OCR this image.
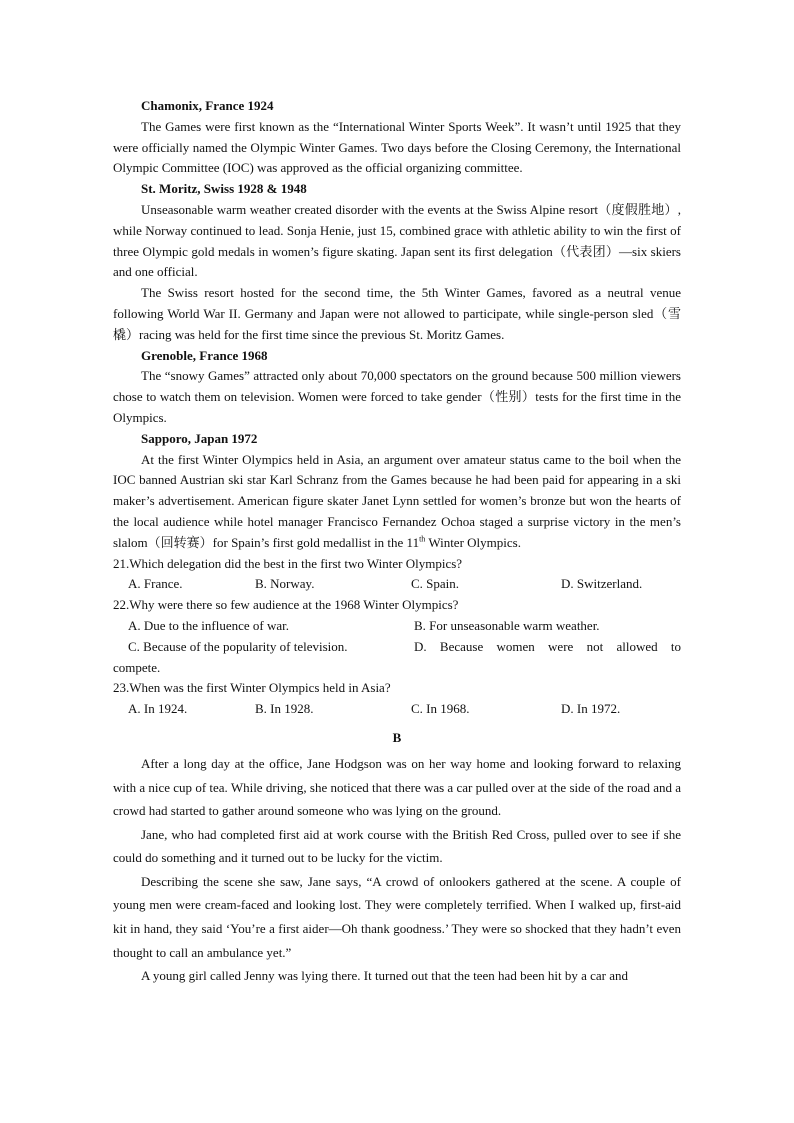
Chamonix, France 1924

The Games were first known as the “International Winter Sports Week”. It wasn’t until 1925 that they were officially named the Olympic Winter Games. Two days before the Closing Ceremony, the International Olympic Committee (IOC) was approved as the official organizing committee.

St. Moritz, Swiss 1928 & 1948

Unseasonable warm weather created disorder with the events at the Swiss Alpine resort（度假胜地）, while Norway continued to lead. Sonja Henie, just 15, combined grace with athletic ability to win the first of three Olympic gold medals in women’s figure skating. Japan sent its first delegation（代表团）—six skiers and one official.

The Swiss resort hosted for the second time, the 5th Winter Games, favored as a neutral venue following World War II. Germany and Japan were not allowed to participate, while single-person sled（雪橇）racing was held for the first time since the previous St. Moritz Games.

Grenoble, France 1968

The “snowy Games” attracted only about 70,000 spectators on the ground because 500 million viewers chose to watch them on television. Women were forced to take gender（性别）tests for the first time in the Olympics.

Sapporo, Japan 1972

At the first Winter Olympics held in Asia, an argument over amateur status came to the boil when the IOC banned Austrian ski star Karl Schranz from the Games because he had been paid for appearing in a ski maker’s advertisement. American figure skater Janet Lynn settled for women’s bronze but won the hearts of the local audience while hotel manager Francisco Fernandez Ochoa staged a surprise victory in the men’s slalom（回转赛）for Spain’s first gold medallist in the 11th Winter Olympics.

21.Which delegation did the best in the first two Winter Olympics?

A. France.	B. Norway.	C. Spain.	D. Switzerland.

22.Why were there so few audience at the 1968 Winter Olympics?

A. Due to the influence of war.	B. For unseasonable warm weather.
C. Because of the popularity of television.	D. Because women were not allowed to

compete.

23.When was the first Winter Olympics held in Asia?

A. In 1924.	B. In 1928.	C. In 1968.	D. In 1972.

B

After a long day at the office, Jane Hodgson was on her way home and looking forward to relaxing with a nice cup of tea. While driving, she noticed that there was a car pulled over at the side of the road and a crowd had started to gather around someone who was lying on the ground.

Jane, who had completed first aid at work course with the British Red Cross, pulled over to see if she could do something and it turned out to be lucky for the victim.

Describing the scene she saw, Jane says, “A crowd of onlookers gathered at the scene. A couple of young men were cream-faced and looking lost. They were completely terrified. When I walked up, first-aid kit in hand, they said ‘You’re a first aider—Oh thank goodness.’ They were so shocked that they hadn’t even thought to call an ambulance yet.”

A young girl called Jenny was lying there. It turned out that the teen had been hit by a car and
